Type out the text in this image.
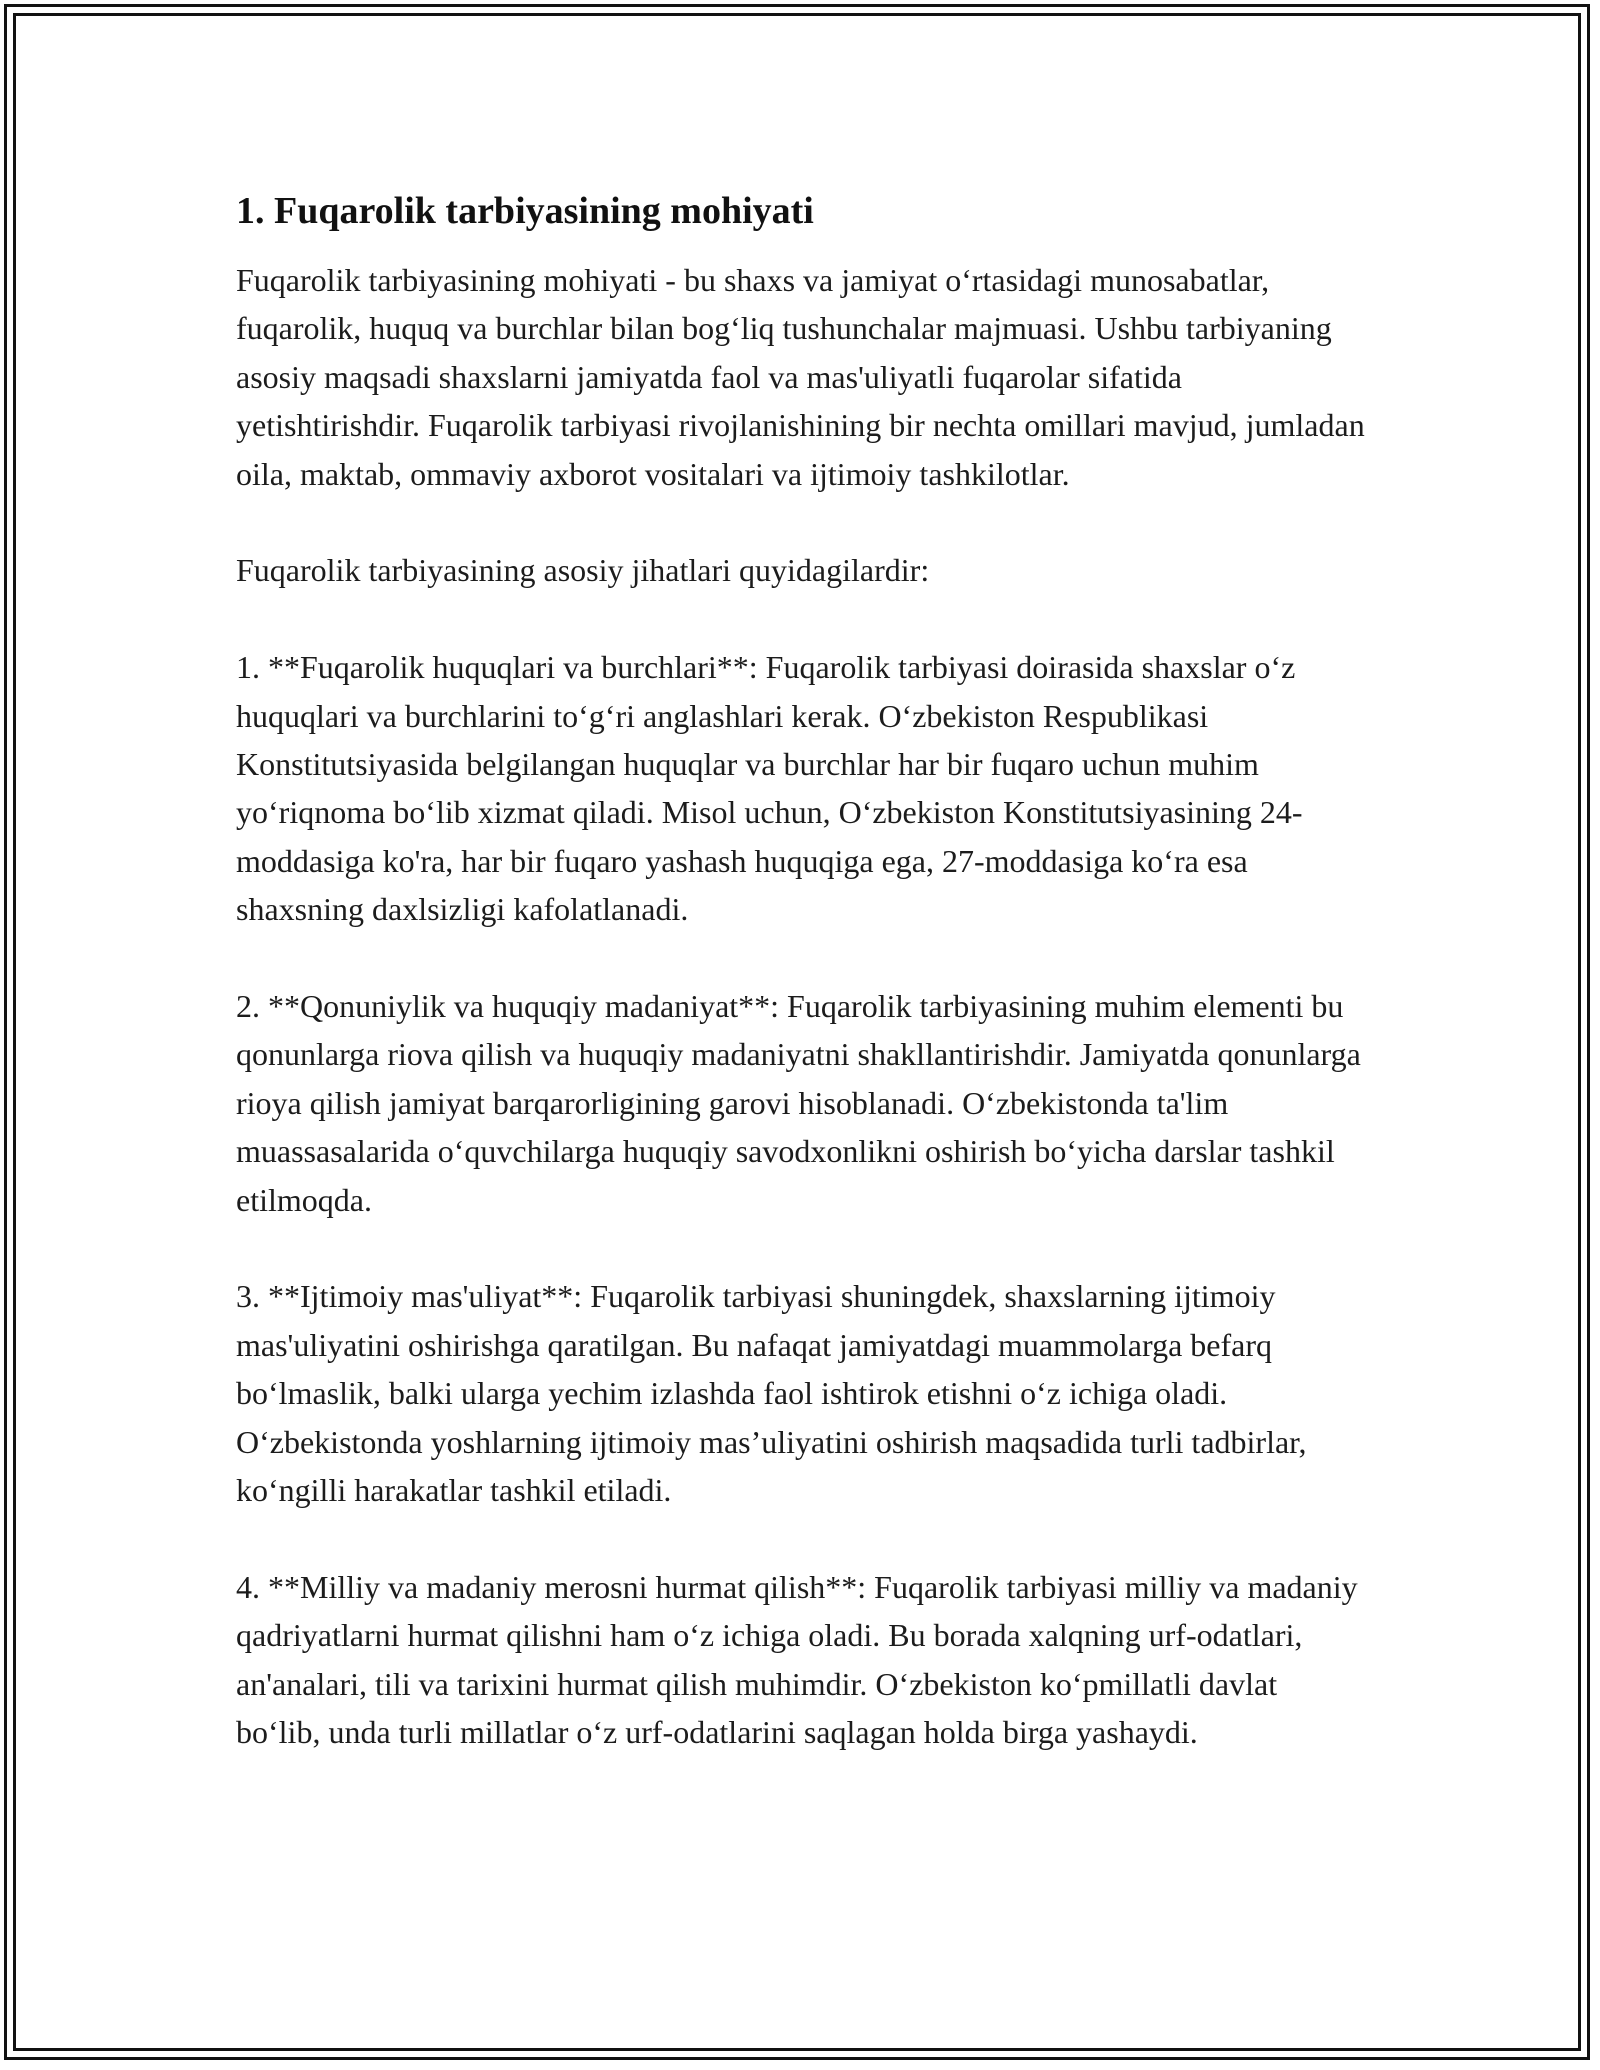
1. Fuqarolik tarbiyasining mohiyati

Fuqarolik tarbiyasining mohiyati - bu shaxs va jamiyat o‘rtasidagi munosabatlar, fuqarolik, huquq va burchlar bilan bog‘liq tushunchalar majmuasi. Ushbu tarbiyaning asosiy maqsadi shaxslarni jamiyatda faol va mas'uliyatli fuqarolar sifatida yetishtirishdir. Fuqarolik tarbiyasi rivojlanishining bir nechta omillari mavjud, jumladan oila, maktab, ommaviy axborot vositalari va ijtimoiy tashkilotlar.

Fuqarolik tarbiyasining asosiy jihatlari quyidagilardir:

1. **Fuqarolik huquqlari va burchlari**: Fuqarolik tarbiyasi doirasida shaxslar o‘z huquqlari va burchlarini to‘g‘ri anglashlari kerak. O‘zbekiston Respublikasi Konstitutsiyasida belgilangan huquqlar va burchlar har bir fuqaro uchun muhim yo‘riqnoma bo‘lib xizmat qiladi. Misol uchun, O‘zbekiston Konstitutsiyasining 24-moddasiga ko'ra, har bir fuqaro yashash huquqiga ega, 27-moddasiga ko‘ra esa shaxsning daxlsizligi kafolatlanadi.

2. **Qonuniylik va huquqiy madaniyat**: Fuqarolik tarbiyasining muhim elementi bu qonunlarga riova qilish va huquqiy madaniyatni shakllantirishdir. Jamiyatda qonunlarga rioya qilish jamiyat barqarorligining garovi hisoblanadi. O‘zbekistonda ta'lim muassasalarida o‘quvchilarga huquqiy savodxonlikni oshirish bo‘yicha darslar tashkil etilmoqda.

3. **Ijtimoiy mas'uliyat**: Fuqarolik tarbiyasi shuningdek, shaxslarning ijtimoiy mas'uliyatini oshirishga qaratilgan. Bu nafaqat jamiyatdagi muammolarga befarq bo‘lmaslik, balki ularga yechim izlashda faol ishtirok etishni o‘z ichiga oladi. O‘zbekistonda yoshlarning ijtimoiy mas’uliyatini oshirish maqsadida turli tadbirlar, ko‘ngilli harakatlar tashkil etiladi.

4. **Milliy va madaniy merosni hurmat qilish**: Fuqarolik tarbiyasi milliy va madaniy qadriyatlarni hurmat qilishni ham o‘z ichiga oladi. Bu borada xalqning urf-odatlari, an'analari, tili va tarixini hurmat qilish muhimdir. O‘zbekiston ko‘pmillatli davlat bo‘lib, unda turli millatlar o‘z urf-odatlarini saqlagan holda birga yashaydi.
